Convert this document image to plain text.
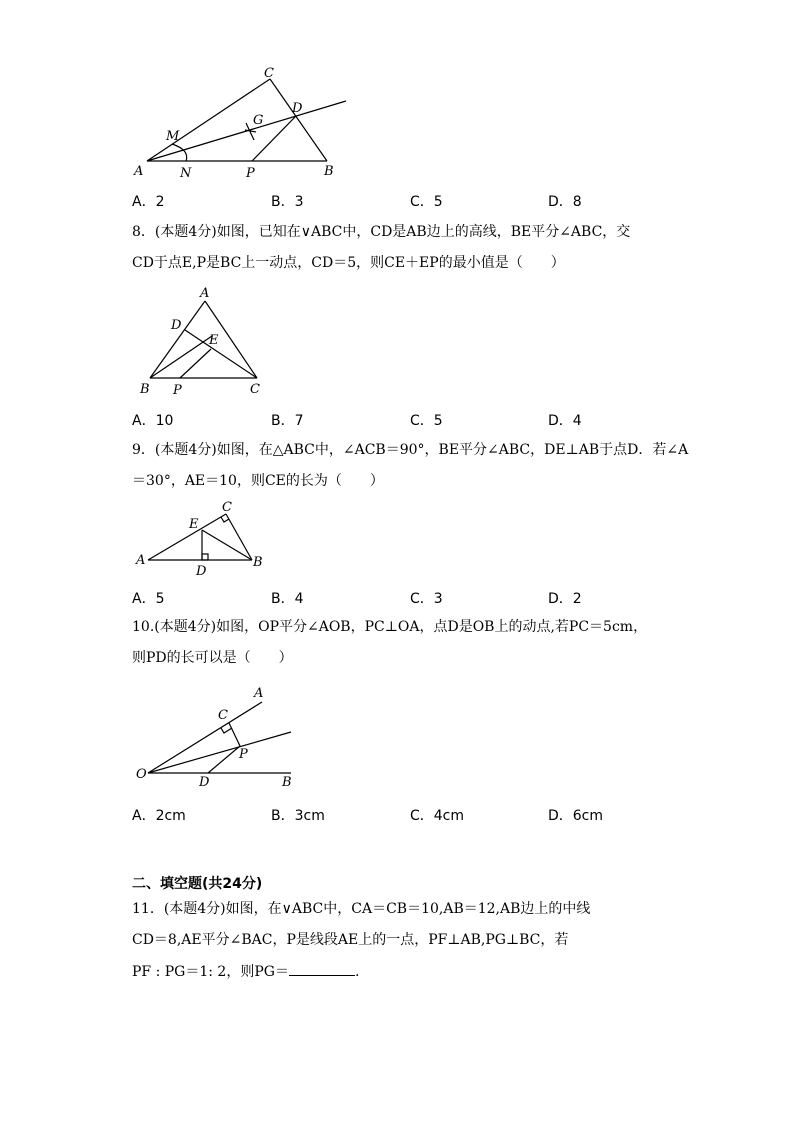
C
M
G
D
A	N	P	B
A．2	B．3	C．5	D．8
8．(本题4分)如图，已知在∨ABC中，CD是AB边上的高线，BE平分∠ABC，交
CD于点E,P是BC上一动点，CD＝5，则CE＋EP的最小值是（　　）
A
D
E
B P	C
A．10	B．7	C．5	D．4
9．(本题4分)如图，在△ABC中，∠ACB＝90°，BE平分∠ABC，DE⊥AB于点D．若∠A
＝30°，AE＝10，则CE的长为（　　）
C
E
A
D
B
A．5	B．4	C．3	D．2
10.(本题4分)如图，OP平分∠AOB，PC⊥OA，点D是OB上的动点,若PC＝5cm，
则PD的长可以是（　　）
A
C
P
O
D	B
A．2cm	B．3cm	C．4cm	D．6cm
二、填空题(共24分)
11．(本题4分)如图，在∨ABC中，CA＝CB＝10,AB＝12,AB边上的中线
CD＝8,AE平分∠BAC，P是线段AE上的一点，PF⊥AB,PG⊥BC，若
PF : PG＝1: 2，则PG＝	.
